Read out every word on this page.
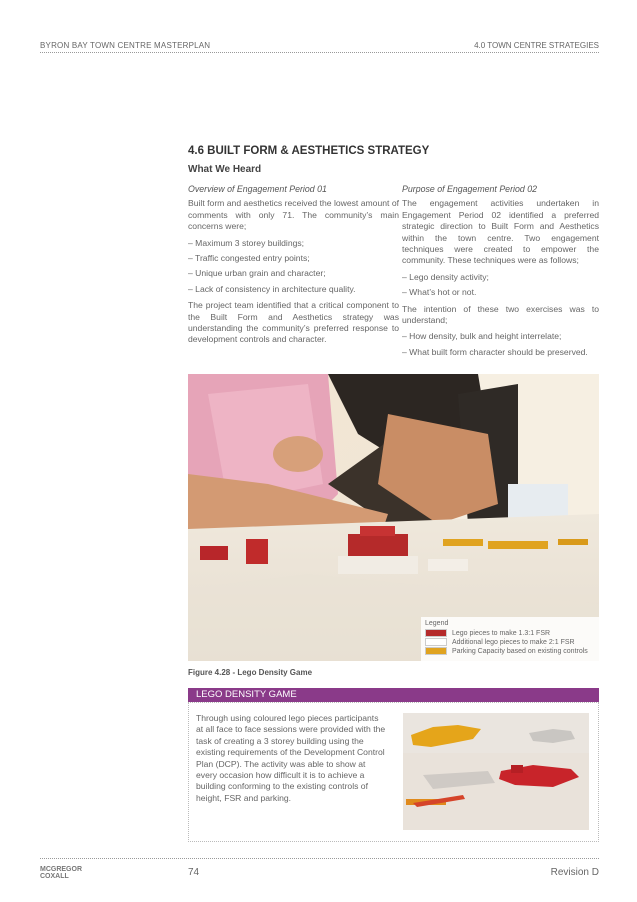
BYRON BAY TOWN CENTRE MASTERPLAN	4.0 TOWN CENTRE STRATEGIES
4.6 BUILT FORM & AESTHETICS STRATEGY
What We Heard
Overview of Engagement Period 01

Built form and aesthetics received the lowest amount of comments with only 71. The community’s main concerns were;

– Maximum 3 storey buildings;
– Traffic congested entry points;
– Unique urban grain and character;
– Lack of consistency in architecture quality.

The project team identified that a critical component to the Built Form and Aesthetics strategy was understanding the community’s preferred response to development controls and character.

Purpose of Engagement Period 02

The engagement activities undertaken in Engagement Period 02 identified a preferred strategic direction to Built Form and Aesthetics within the town centre. Two engagement techniques were created to empower the community. These techniques were as follows;

– Lego density activity;
– What’s hot or not.

The intention of these two exercises was to understand;

– How density, bulk and height interrelate;
– What built form character should be preserved.
Legend
Lego pieces to make 1.3:1 FSR
Additional lego pieces to make 2:1 FSR
Parking Capacity based on existing controls
Figure 4.28 - Lego Density Game
LEGO DENSITY GAME
Through using coloured lego pieces participants at all face to face sessions were provided with the task of creating a 3 storey building using the existing requirements of the Development Control Plan (DCP). The activity was able to show at every occasion how difficult it is to achieve a building conforming to the existing controls of height, FSR and parking.
MCGREGOR
COXALL	74	Revision D
